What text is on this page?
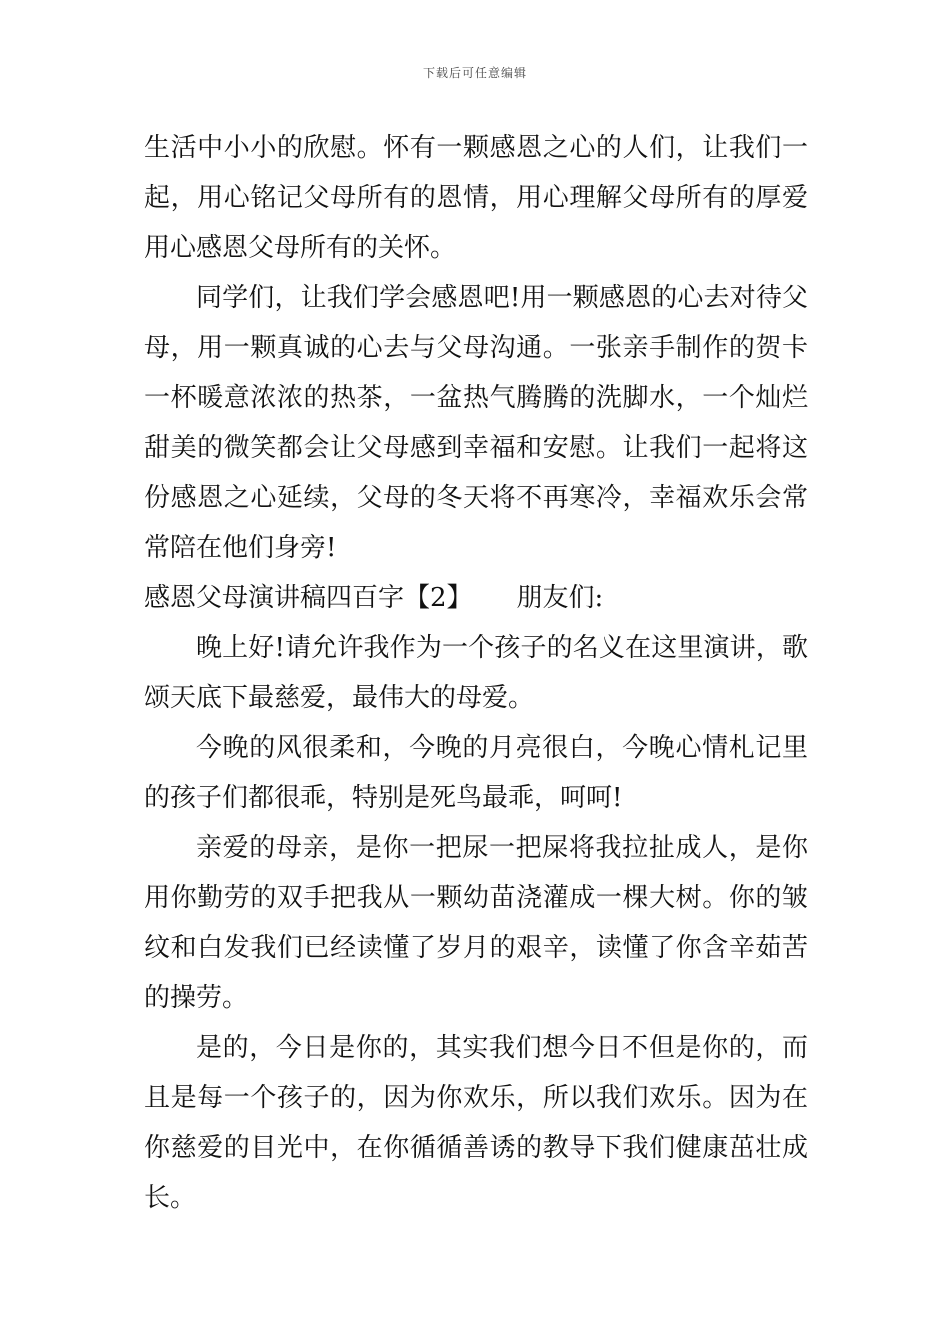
下载后可任意编辑

生活中小小的欣慰。怀有一颗感恩之心的人们，让我们一起，用心铭记父母所有的恩情，用心理解父母所有的厚爱用心感恩父母所有的关怀。

同学们，让我们学会感恩吧!用一颗感恩的心去对待父母，用一颗真诚的心去与父母沟通。一张亲手制作的贺卡一杯暖意浓浓的热茶，一盆热气腾腾的洗脚水，一个灿烂甜美的微笑都会让父母感到幸福和安慰。让我们一起将这份感恩之心延续，父母的冬天将不再寒冷，幸福欢乐会常常陪在他们身旁!

感恩父母演讲稿四百字【2】 朋友们:

晚上好!请允许我作为一个孩子的名义在这里演讲，歌颂天底下最慈爱，最伟大的母爱。

今晚的风很柔和，今晚的月亮很白，今晚心情札记里的孩子们都很乖，特别是死鸟最乖，呵呵!

亲爱的母亲，是你一把尿一把屎将我拉扯成人，是你用你勤劳的双手把我从一颗幼苗浇灌成一棵大树。你的皱纹和白发我们已经读懂了岁月的艰辛，读懂了你含辛茹苦的操劳。

是的，今日是你的，其实我们想今日不但是你的，而且是每一个孩子的，因为你欢乐，所以我们欢乐。因为在你慈爱的目光中，在你循循善诱的教导下我们健康茁壮成长。
